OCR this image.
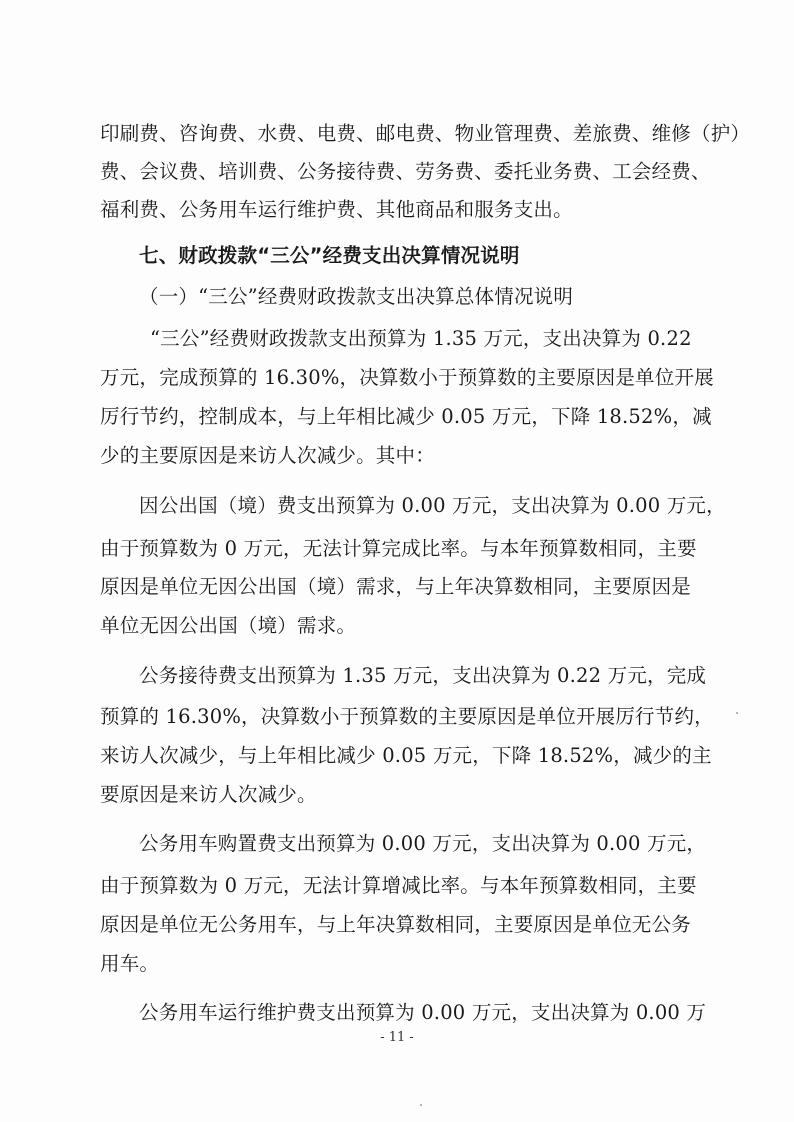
印刷费、咨询费、水费、电费、邮电费、物业管理费、差旅费、维修（护）
费、会议费、培训费、公务接待费、劳务费、委托业务费、工会经费、
福利费、公务用车运行维护费、其他商品和服务支出。
七、财政拨款“三公”经费支出决算情况说明
（一）“三公”经费财政拨款支出决算总体情况说明
“三公”经费财政拨款支出预算为 1.35 万元，支出决算为 0.22
万元，完成预算的 16.30%，决算数小于预算数的主要原因是单位开展
厉行节约，控制成本，与上年相比减少 0.05 万元，下降 18.52%，减
少的主要原因是来访人次减少。其中：
因公出国（境）费支出预算为 0.00 万元，支出决算为 0.00 万元，
由于预算数为 0 万元，无法计算完成比率。与本年预算数相同，主要
原因是单位无因公出国（境）需求，与上年决算数相同，主要原因是
单位无因公出国（境）需求。
公务接待费支出预算为 1.35 万元，支出决算为 0.22 万元，完成
预算的 16.30%，决算数小于预算数的主要原因是单位开展厉行节约，
来访人次减少，与上年相比减少 0.05 万元，下降 18.52%，减少的主
要原因是来访人次减少。
公务用车购置费支出预算为 0.00 万元，支出决算为 0.00 万元，
由于预算数为 0 万元，无法计算增减比率。与本年预算数相同，主要
原因是单位无公务用车，与上年决算数相同，主要原因是单位无公务
用车。
公务用车运行维护费支出预算为 0.00 万元，支出决算为 0.00 万
- 11 -
